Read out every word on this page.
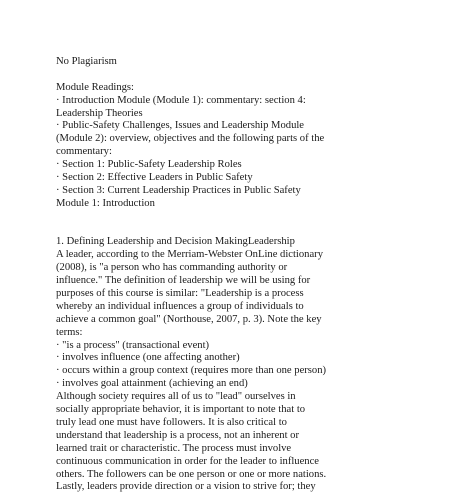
No Plagiarism
Module Readings:
· Introduction Module (Module 1): commentary: section 4:
Leadership Theories
· Public-Safety Challenges, Issues and Leadership Module
(Module 2): overview, objectives and the following parts of the
commentary:
· Section 1: Public-Safety Leadership Roles
· Section 2: Effective Leaders in Public Safety
· Section 3: Current Leadership Practices in Public Safety
Module 1: Introduction
1. Defining Leadership and Decision MakingLeadership
A leader, according to the Merriam-Webster OnLine dictionary
(2008), is "a person who has commanding authority or
influence." The definition of leadership we will be using for
purposes of this course is similar: "Leadership is a process
whereby an individual influences a group of individuals to
achieve a common goal" (Northouse, 2007, p. 3). Note the key
terms:
· "is a process" (transactional event)
· involves influence (one affecting another)
· occurs within a group context (requires more than one person)
· involves goal attainment (achieving an end)
Although society requires all of us to "lead" ourselves in
socially appropriate behavior, it is important to note that to
truly lead one must have followers. It is also critical to
understand that leadership is a process, not an inherent or
learned trait or characteristic. The process must involve
continuous communication in order for the leader to influence
others. The followers can be one person or one or more nations.
Lastly, leaders provide direction or a vision to strive for; they
